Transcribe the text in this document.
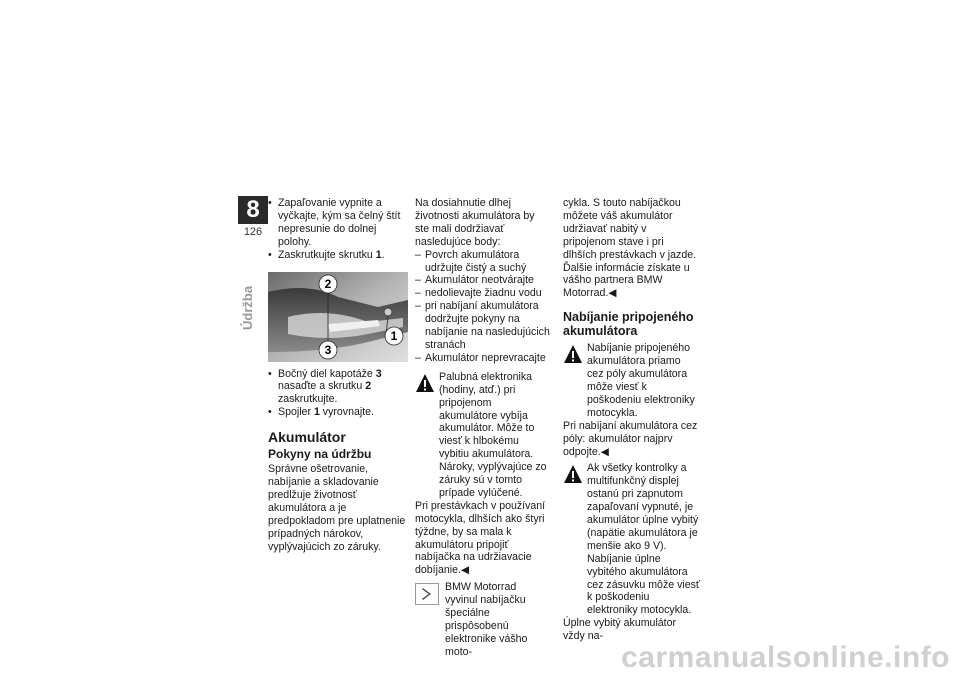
8
126
Údržba
• Zapaľovanie vypnite a vyčkajte, kým sa čelný štít nepresunie do dolnej polohy.
• Zaskrutkujte skrutku 1.
2
3
1
• Bočný diel kapotáže 3 nasaďte a skrutku 2 zaskrutkujte.
• Spojler 1 vyrovnajte.
Akumulátor
Pokyny na údržbu

Správne ošetrovanie, nabíjanie a skladovanie predlžuje životnosť akumulátora a je predpokladom pre uplatnenie prípadných nárokov, vyplývajúcich zo záruky.

Na dosiahnutie dlhej životnosti akumulátora by ste mali dodržiavať nasledujúce body:

– Povrch akumulátora udržujte čistý a suchý
– Akumulátor neotvárajte
– nedolievajte žiadnu vodu
– pri nabíjaní akumulátora dodržujte pokyny na nabíjanie na nasledujúcich stranách
– Akumulátor neprevracajte

Palubná elektronika (hodiny, atď.) pri pripojenom akumulátore vybíja akumulátor. Môže to viesť k hlbokému vybitiu akumulátora. Nároky, vyplývajúce zo záruky sú v tomto prípade vylúčené.

Pri prestávkach v používaní motocykla, dlhších ako štyri týždne, by sa mala k akumulátoru pripojiť nabíjačka na udržiavacie dobíjanie.◀

BMW Motorrad vyvinul nabíjačku špeciálne prispôsobenú elektronike vášho moto-

cykla. S touto nabíjačkou môžete váš akumulátor udržiavať nabitý v pripojenom stave i pri dlhších prestávkach v jazde. Ďalšie informácie získate u vášho partnera BMW Motorrad.◀

Nabíjanie pripojeného akumulátora

Nabíjanie pripojeného akumulátora priamo cez póly akumulátora môže viesť k poškodeniu elektroniky motocykla.

Pri nabíjaní akumulátora cez póly: akumulátor najprv odpojte.◀

Ak všetky kontrolky a multifunkčný displej ostanú pri zapnutom zapaľovaní vypnuté, je akumulátor úplne vybitý (napätie akumulátora je menšie ako 9 V). Nabíjanie úplne vybitého akumulátora cez zásuvku môže viesť k poškodeniu elektroniky motocykla.

Úplne vybitý akumulátor vždy na-

carmanualsonline.info
